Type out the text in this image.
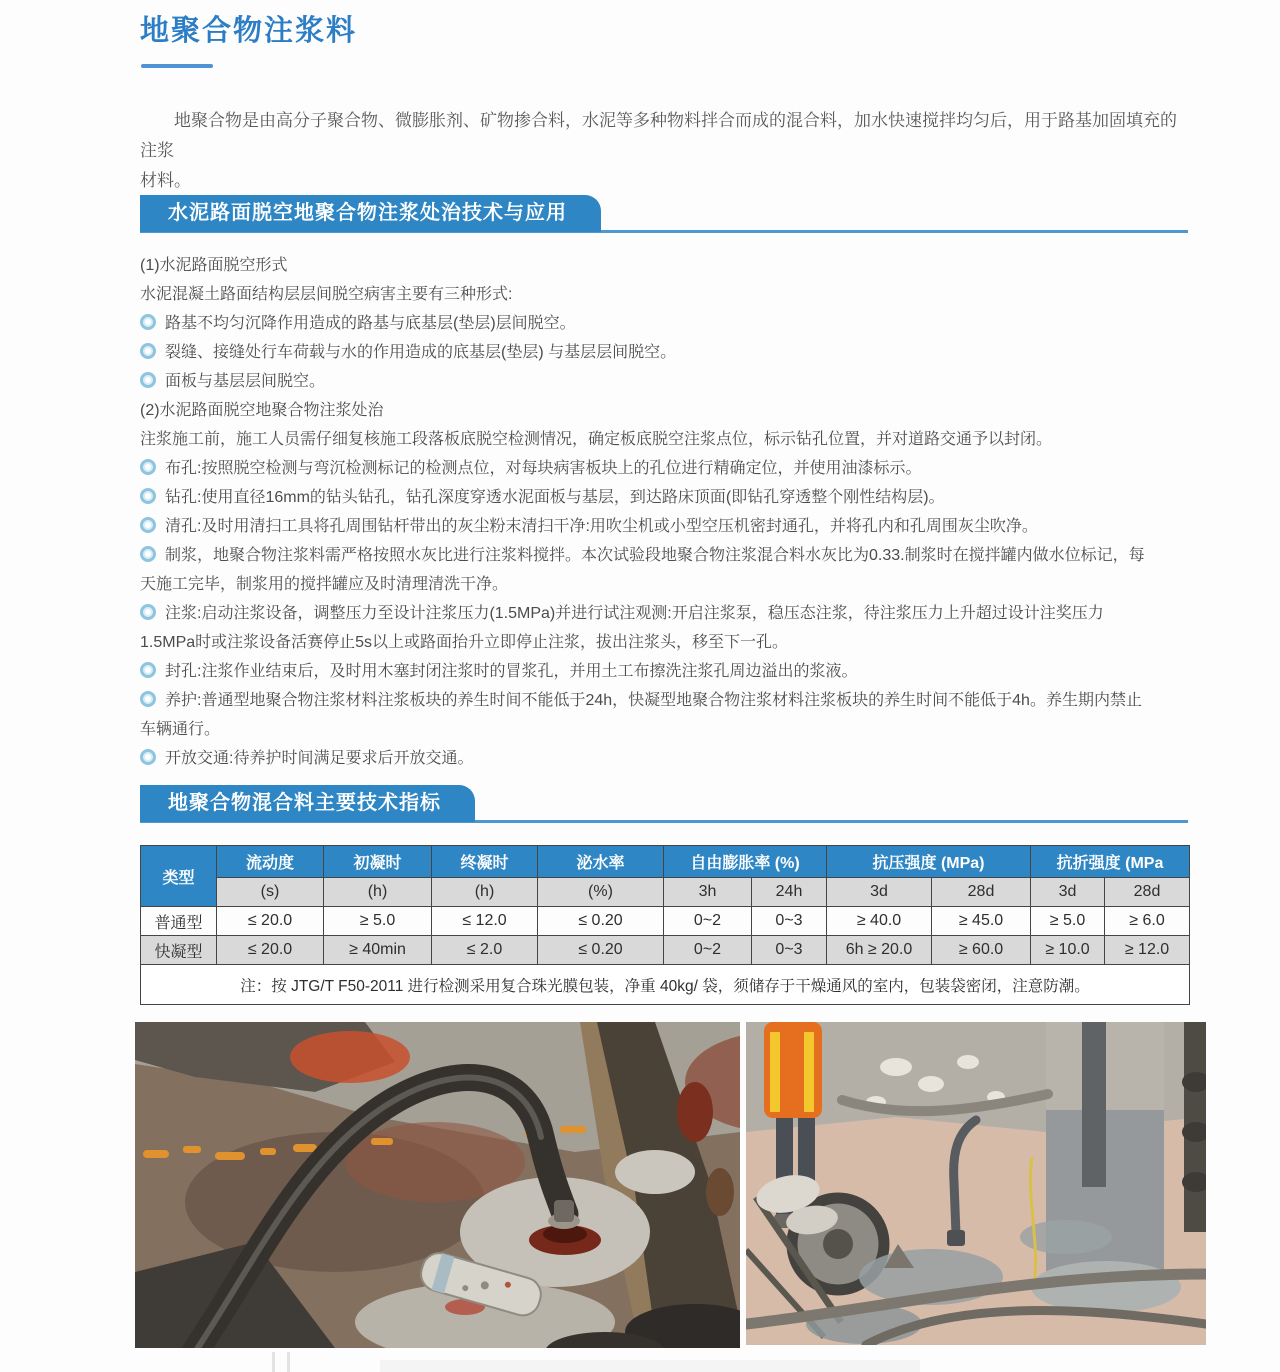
地聚合物注浆料
地聚合物是由高分子聚合物、微膨胀剂、矿物掺合料，水泥等多种物料拌合而成的混合料，加水快速搅拌均匀后，用于路基加固填充的注浆
材料。
水泥路面脱空地聚合物注浆处治技术与应用
(1)水泥路面脱空形式
水泥混凝土路面结构层层间脱空病害主要有三种形式:
路基不均匀沉降作用造成的路基与底基层(垫层)层间脱空。
裂缝、接缝处行车荷载与水的作用造成的底基层(垫层) 与基层层间脱空。
面板与基层层间脱空。
(2)水泥路面脱空地聚合物注浆处治
注浆施工前，施工人员需仔细复核施工段落板底脱空检测情况，确定板底脱空注浆点位，标示钻孔位置，并对道路交通予以封闭。
布孔:按照脱空检测与弯沉检测标记的检测点位，对每块病害板块上的孔位进行精确定位，并使用油漆标示。
钻孔:使用直径16mm的钻头钻孔，钻孔深度穿透水泥面板与基层，到达路床顶面(即钻孔穿透整个刚性结构层)。
清孔:及时用清扫工具将孔周围钻杆带出的灰尘粉末清扫干净:用吹尘机或小型空压机密封通孔，并将孔内和孔周围灰尘吹净。
制浆，地聚合物注浆料需严格按照水灰比进行注浆料搅拌。本次试验段地聚合物注浆混合料水灰比为0.33.制浆时在搅拌罐内做水位标记，每
天施工完毕，制浆用的搅拌罐应及时清理清洗干净。
注浆:启动注浆设备，调整压力至设计注浆压力(1.5MPa)并进行试注观测:开启注浆泵，稳压态注浆，待注浆压力上升超过设计注奖压力
1.5MPa时或注浆设备活赛停止5s以上或路面抬升立即停止注浆，拔出注浆头，移至下一孔。
封孔:注浆作业结束后，及时用木塞封闭注浆时的冒浆孔，并用土工布擦洗注浆孔周边溢出的浆液。
养护:普通型地聚合物注浆材料注浆板块的养生时间不能低于24h，快凝型地聚合物注浆材料注浆板块的养生时间不能低于4h。养生期内禁止
车辆通行。
开放交通:待养护时间满足要求后开放交通。
地聚合物混合料主要技术指标
类型	流动度	初凝时	终凝时	泌水率	自由膨胀率 (%)		抗压强度 (MPa)		抗折强度 (MPa	
	(s)	(h)	(h)	(%)	3h	24h	3d	28d	3d	28d
普通型	≤ 20.0	≥ 5.0	≤ 12.0	≤ 0.20	0~2	0~3	≥ 40.0	≥ 45.0	≥ 5.0	≥ 6.0
快凝型	≤ 20.0	≥ 40min	≤ 2.0	≤ 0.20	0~2	0~3	6h ≥ 20.0	≥ 60.0	≥ 10.0	≥ 12.0
注：按 JTG/T F50-2011 进行检测采用复合珠光膜包装，净重 40kg/ 袋，须储存于干燥通风的室内，包装袋密闭，注意防潮。										
